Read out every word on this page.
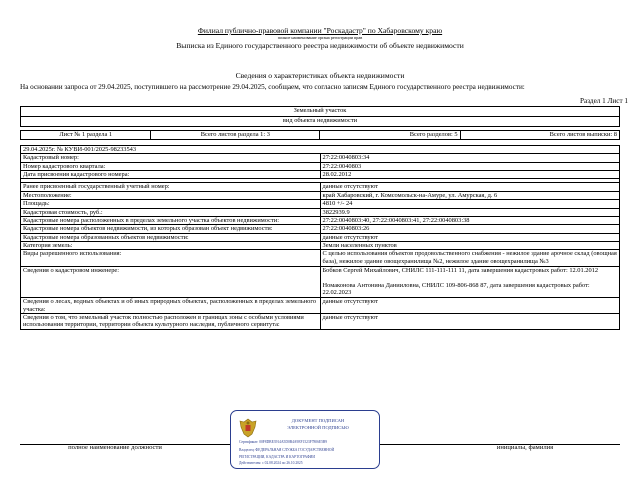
Филиал публично-правовой компании "Роскадастр" по Хабаровскому краю
полное наименование органа регистрации прав
Выписка из Единого государственного реестра недвижимости об объекте недвижимости
Сведения о характеристиках объекта недвижимости
На основании запроса от 29.04.2025, поступившего на рассмотрение 29.04.2025, сообщаем, что согласно записям Единого государственного реестра недвижимости:
Раздел 1 Лист 1
Земельный участок
вид объекта недвижимости
Лист № 1 раздела 1	Всего листов раздела 1: 3	Всего разделов: 5	Всего листов выписки: 8
29.04.2025г. № КУВИ-001/2025-98233543	
Кадастровый номер:	27:22:0040803:34
Номер кадастрового квартала:	27:22:0040803
Дата присвоения кадастрового номера:	28.02.2012

Ранее присвоенный государственный учетный номер:	данные отсутствуют
Местоположение:	край Хабаровский, г. Комсомольск-на-Амуре, ул. Амурская, д. 6
Площадь:	4810 +/- 24
Кадастровая стоимость, руб.:	3822939.9
Кадастровые номера расположенных в пределах земельного участка объектов недвижимости:	27:22:0040803:40, 27:22:0040803:41, 27:22:0040803:38
Кадастровые номера объектов недвижимости, из которых образован объект недвижимости:	27:22:0040803:26
Кадастровые номера образованных объектов недвижимости:	данные отсутствуют
Категория земель:	Земли населенных пунктов
Виды разрешенного использования:	С целью использования объектов продовольственного снабжения - нежилое здание арочное склад (овощная база), нежилое здание овощехранилища №2, нежилое здание овощехранилища №3
Сведения о кадастровом инженере:	Бобков Сергей Михайлович, СНИЛС 111-111-111 11, дата завершения кадастровых работ: 12.01.2012
Номаконова Антонина Данииловна, СНИЛС 109-806-868 87, дата завершения кадастровых работ: 22.02.2023

Сведения о лесах, водных объектах и об иных природных объектах, расположенных в пределах земельного участка:	данные отсутствуют
Сведения о том, что земельный участок полностью расположен в границах зоны с особыми условиями использования территории, территории объекта культурного наследия, публичного сервитута:	данные отсутствуют
полное наименование должности	инициалы, фамилия
ДОКУМЕНТ ПОДПИСАН
ЭЛЕКТРОННОЙ ПОДПИСЬЮ
Сертификат: 00F8DBE3914A5D0B4A9EF1523F7806E5B9
Владелец: ФЕДЕРАЛЬНАЯ СЛУЖБА ГОСУДАРСТВЕННОЙ
РЕГИСТРАЦИИ, КАДАСТРА И КАРТОГРАФИИ
Действителен: с 02.08.2024 по 26.10.2025
